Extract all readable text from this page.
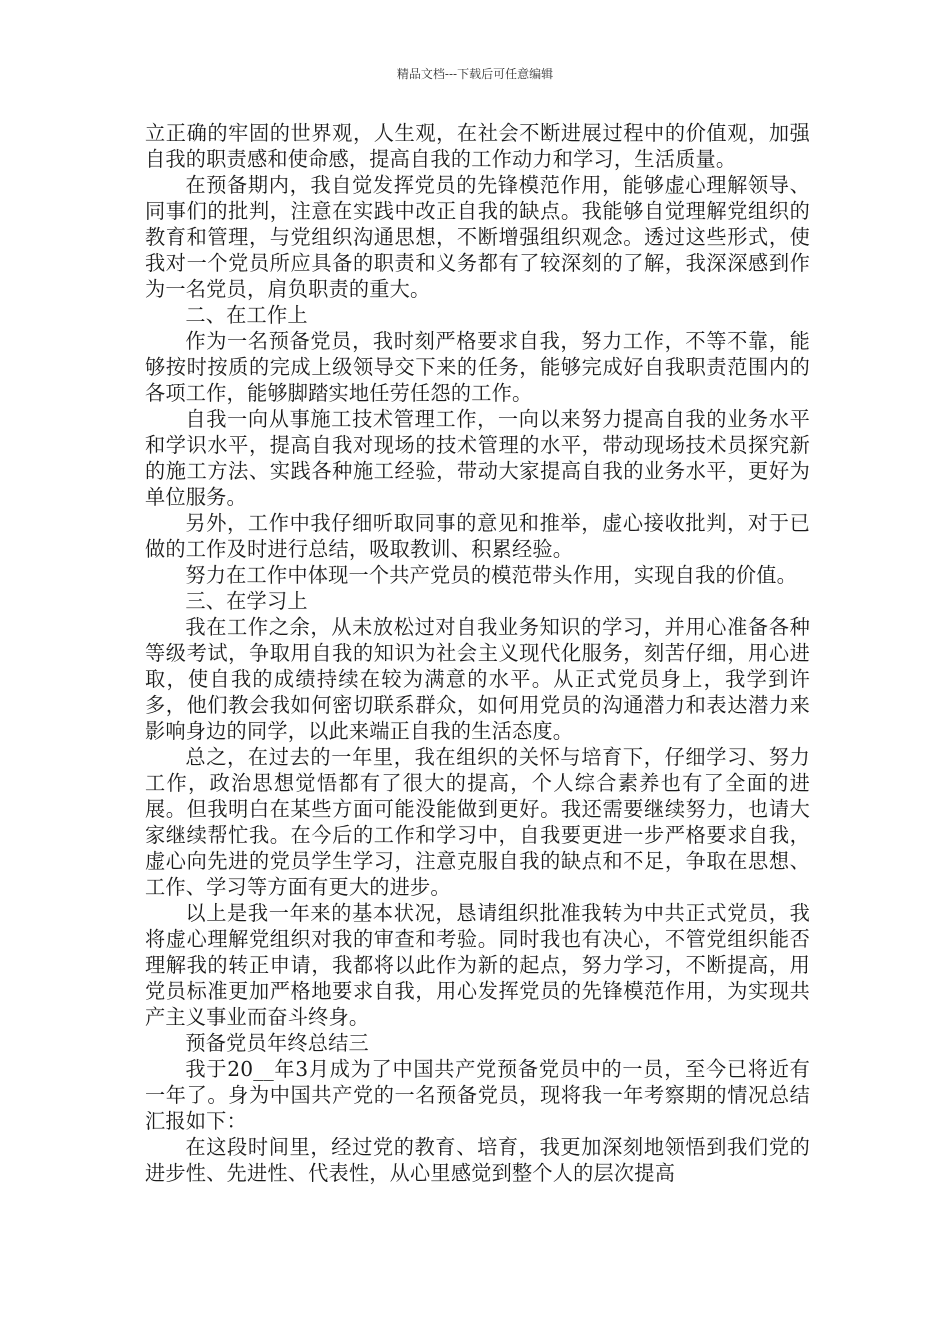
精品文档---下载后可任意编辑

立正确的牢固的世界观，人生观，在社会不断进展过程中的价值观，加强自我的职责感和使命感，提高自我的工作动力和学习，生活质量。

在预备期内，我自觉发挥党员的先锋模范作用，能够虚心理解领导、同事们的批判，注意在实践中改正自我的缺点。我能够自觉理解党组织的教育和管理，与党组织沟通思想，不断增强组织观念。透过这些形式，使我对一个党员所应具备的职责和义务都有了较深刻的了解，我深深感到作为一名党员，肩负职责的重大。

二、在工作上

作为一名预备党员，我时刻严格要求自我，努力工作，不等不靠，能够按时按质的完成上级领导交下来的任务，能够完成好自我职责范围内的各项工作，能够脚踏实地任劳任怨的工作。

自我一向从事施工技术管理工作，一向以来努力提高自我的业务水平和学识水平，提高自我对现场的技术管理的水平，带动现场技术员探究新的施工方法、实践各种施工经验，带动大家提高自我的业务水平，更好为单位服务。

另外，工作中我仔细听取同事的意见和推举，虚心接收批判，对于已做的工作及时进行总结，吸取教训、积累经验。

努力在工作中体现一个共产党员的模范带头作用，实现自我的价值。

三、在学习上

我在工作之余，从未放松过对自我业务知识的学习，并用心准备各种等级考试，争取用自我的知识为社会主义现代化服务，刻苦仔细，用心进取，使自我的成绩持续在较为满意的水平。从正式党员身上，我学到许多，他们教会我如何密切联系群众，如何用党员的沟通潜力和表达潜力来影响身边的同学，以此来端正自我的生活态度。

总之，在过去的一年里，我在组织的关怀与培育下，仔细学习、努力工作，政治思想觉悟都有了很大的提高，个人综合素养也有了全面的进展。但我明白在某些方面可能没能做到更好。我还需要继续努力，也请大家继续帮忙我。在今后的工作和学习中，自我要更进一步严格要求自我，虚心向先进的党员学生学习，注意克服自我的缺点和不足，争取在思想、工作、学习等方面有更大的进步。

以上是我一年来的基本状况，恳请组织批准我转为中共正式党员，我将虚心理解党组织对我的审查和考验。同时我也有决心，不管党组织能否理解我的转正申请，我都将以此作为新的起点，努力学习，不断提高，用党员标准更加严格地要求自我，用心发挥党员的先锋模范作用，为实现共产主义事业而奋斗终身。

预备党员年终总结三

我于20__年3月成为了中国共产党预备党员中的一员，至今已将近有一年了。身为中国共产党的一名预备党员，现将我一年考察期的情况总结汇报如下：

在这段时间里，经过党的教育、培育，我更加深刻地领悟到我们党的进步性、先进性、代表性，从心里感觉到整个人的层次提高
